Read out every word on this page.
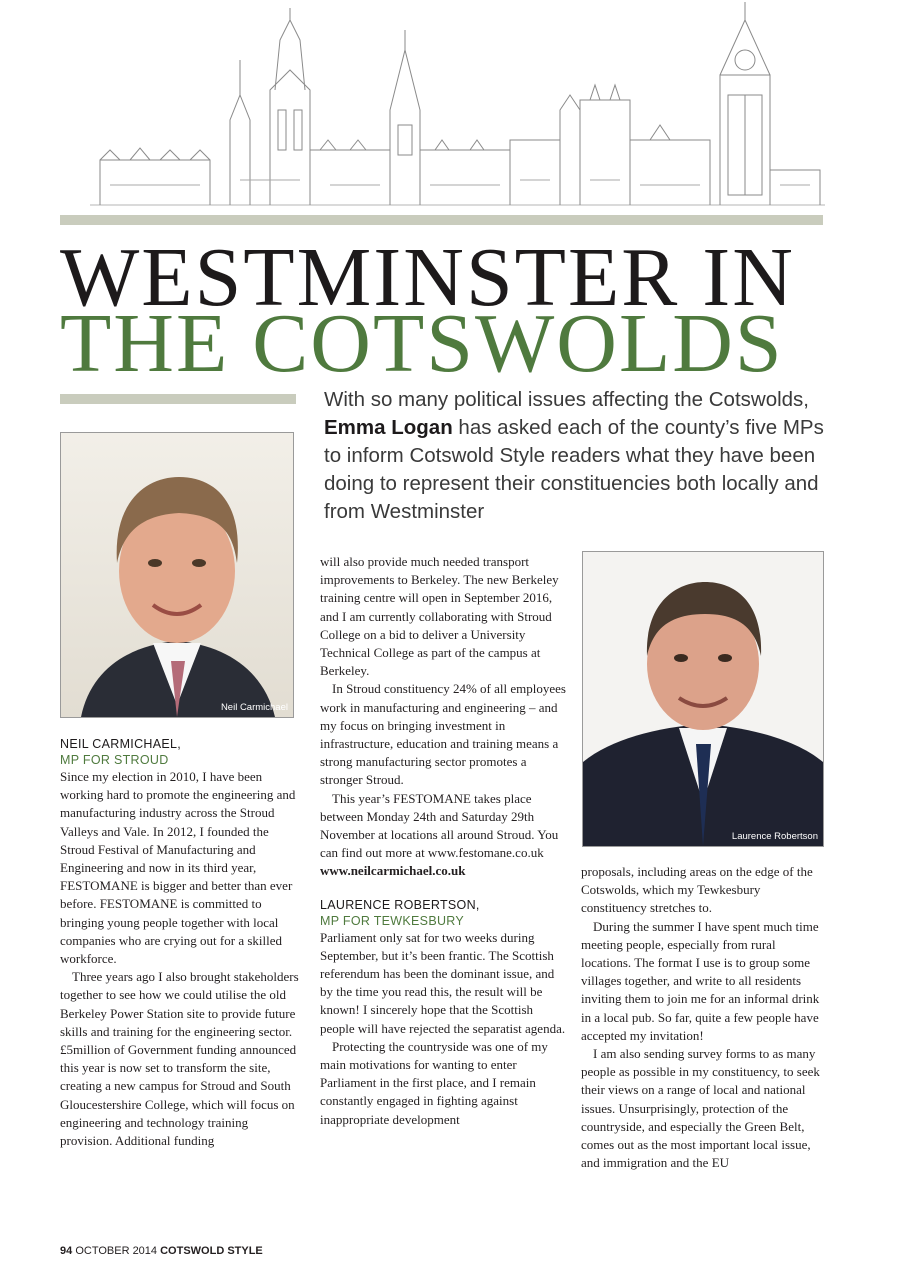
WESTMINSTER IN
THE COTSWOLDS

With so many political issues affecting the Cotswolds, Emma Logan has asked each of the county’s five MPs to inform Cotswold Style readers what they have been doing to represent their constituencies both locally and from Westminster

Neil Carmichael

NEIL CARMICHAEL,

MP FOR STROUD

Since my election in 2010, I have been working hard to promote the engineering and manufacturing industry across the Stroud Valleys and Vale. In 2012, I founded the Stroud Festival of Manufacturing and Engineering and now in its third year, FESTOMANE is bigger and better than ever before. FESTOMANE is committed to bringing young people together with local companies who are crying out for a skilled workforce.

Three years ago I also brought stakeholders together to see how we could utilise the old Berkeley Power Station site to provide future skills and training for the engineering sector. £5million of Government funding announced this year is now set to transform the site, creating a new campus for Stroud and South Gloucestershire College, which will focus on engineering and technology training provision. Additional funding

will also provide much needed transport improvements to Berkeley. The new Berkeley training centre will open in September 2016, and I am currently collaborating with Stroud College on a bid to deliver a University Technical College as part of the campus at Berkeley.

In Stroud constituency 24% of all employees work in manufacturing and engineering – and my focus on bringing investment in infrastructure, education and training means a strong manufacturing sector promotes a stronger Stroud.

This year’s FESTOMANE takes place between Monday 24th and Saturday 29th November at locations all around Stroud. You can find out more at www.festomane.co.uk

www.neilcarmichael.co.uk

LAURENCE ROBERTSON,

MP FOR TEWKESBURY

Parliament only sat for two weeks during September, but it’s been frantic. The Scottish referendum has been the dominant issue, and by the time you read this, the result will be known! I sincerely hope that the Scottish people will have rejected the separatist agenda.

Protecting the countryside was one of my main motivations for wanting to enter Parliament in the first place, and I remain constantly engaged in fighting against inappropriate development

Laurence Robertson

proposals, including areas on the edge of the Cotswolds, which my Tewkesbury constituency stretches to.

During the summer I have spent much time meeting people, especially from rural locations. The format I use is to group some villages together, and write to all residents inviting them to join me for an informal drink in a local pub. So far, quite a few people have accepted my invitation!

I am also sending survey forms to as many people as possible in my constituency, to seek their views on a range of local and national issues. Unsurprisingly, protection of the countryside, and especially the Green Belt, comes out as the most important local issue, and immigration and the EU

94 OCTOBER 2014 COTSWOLD STYLE
